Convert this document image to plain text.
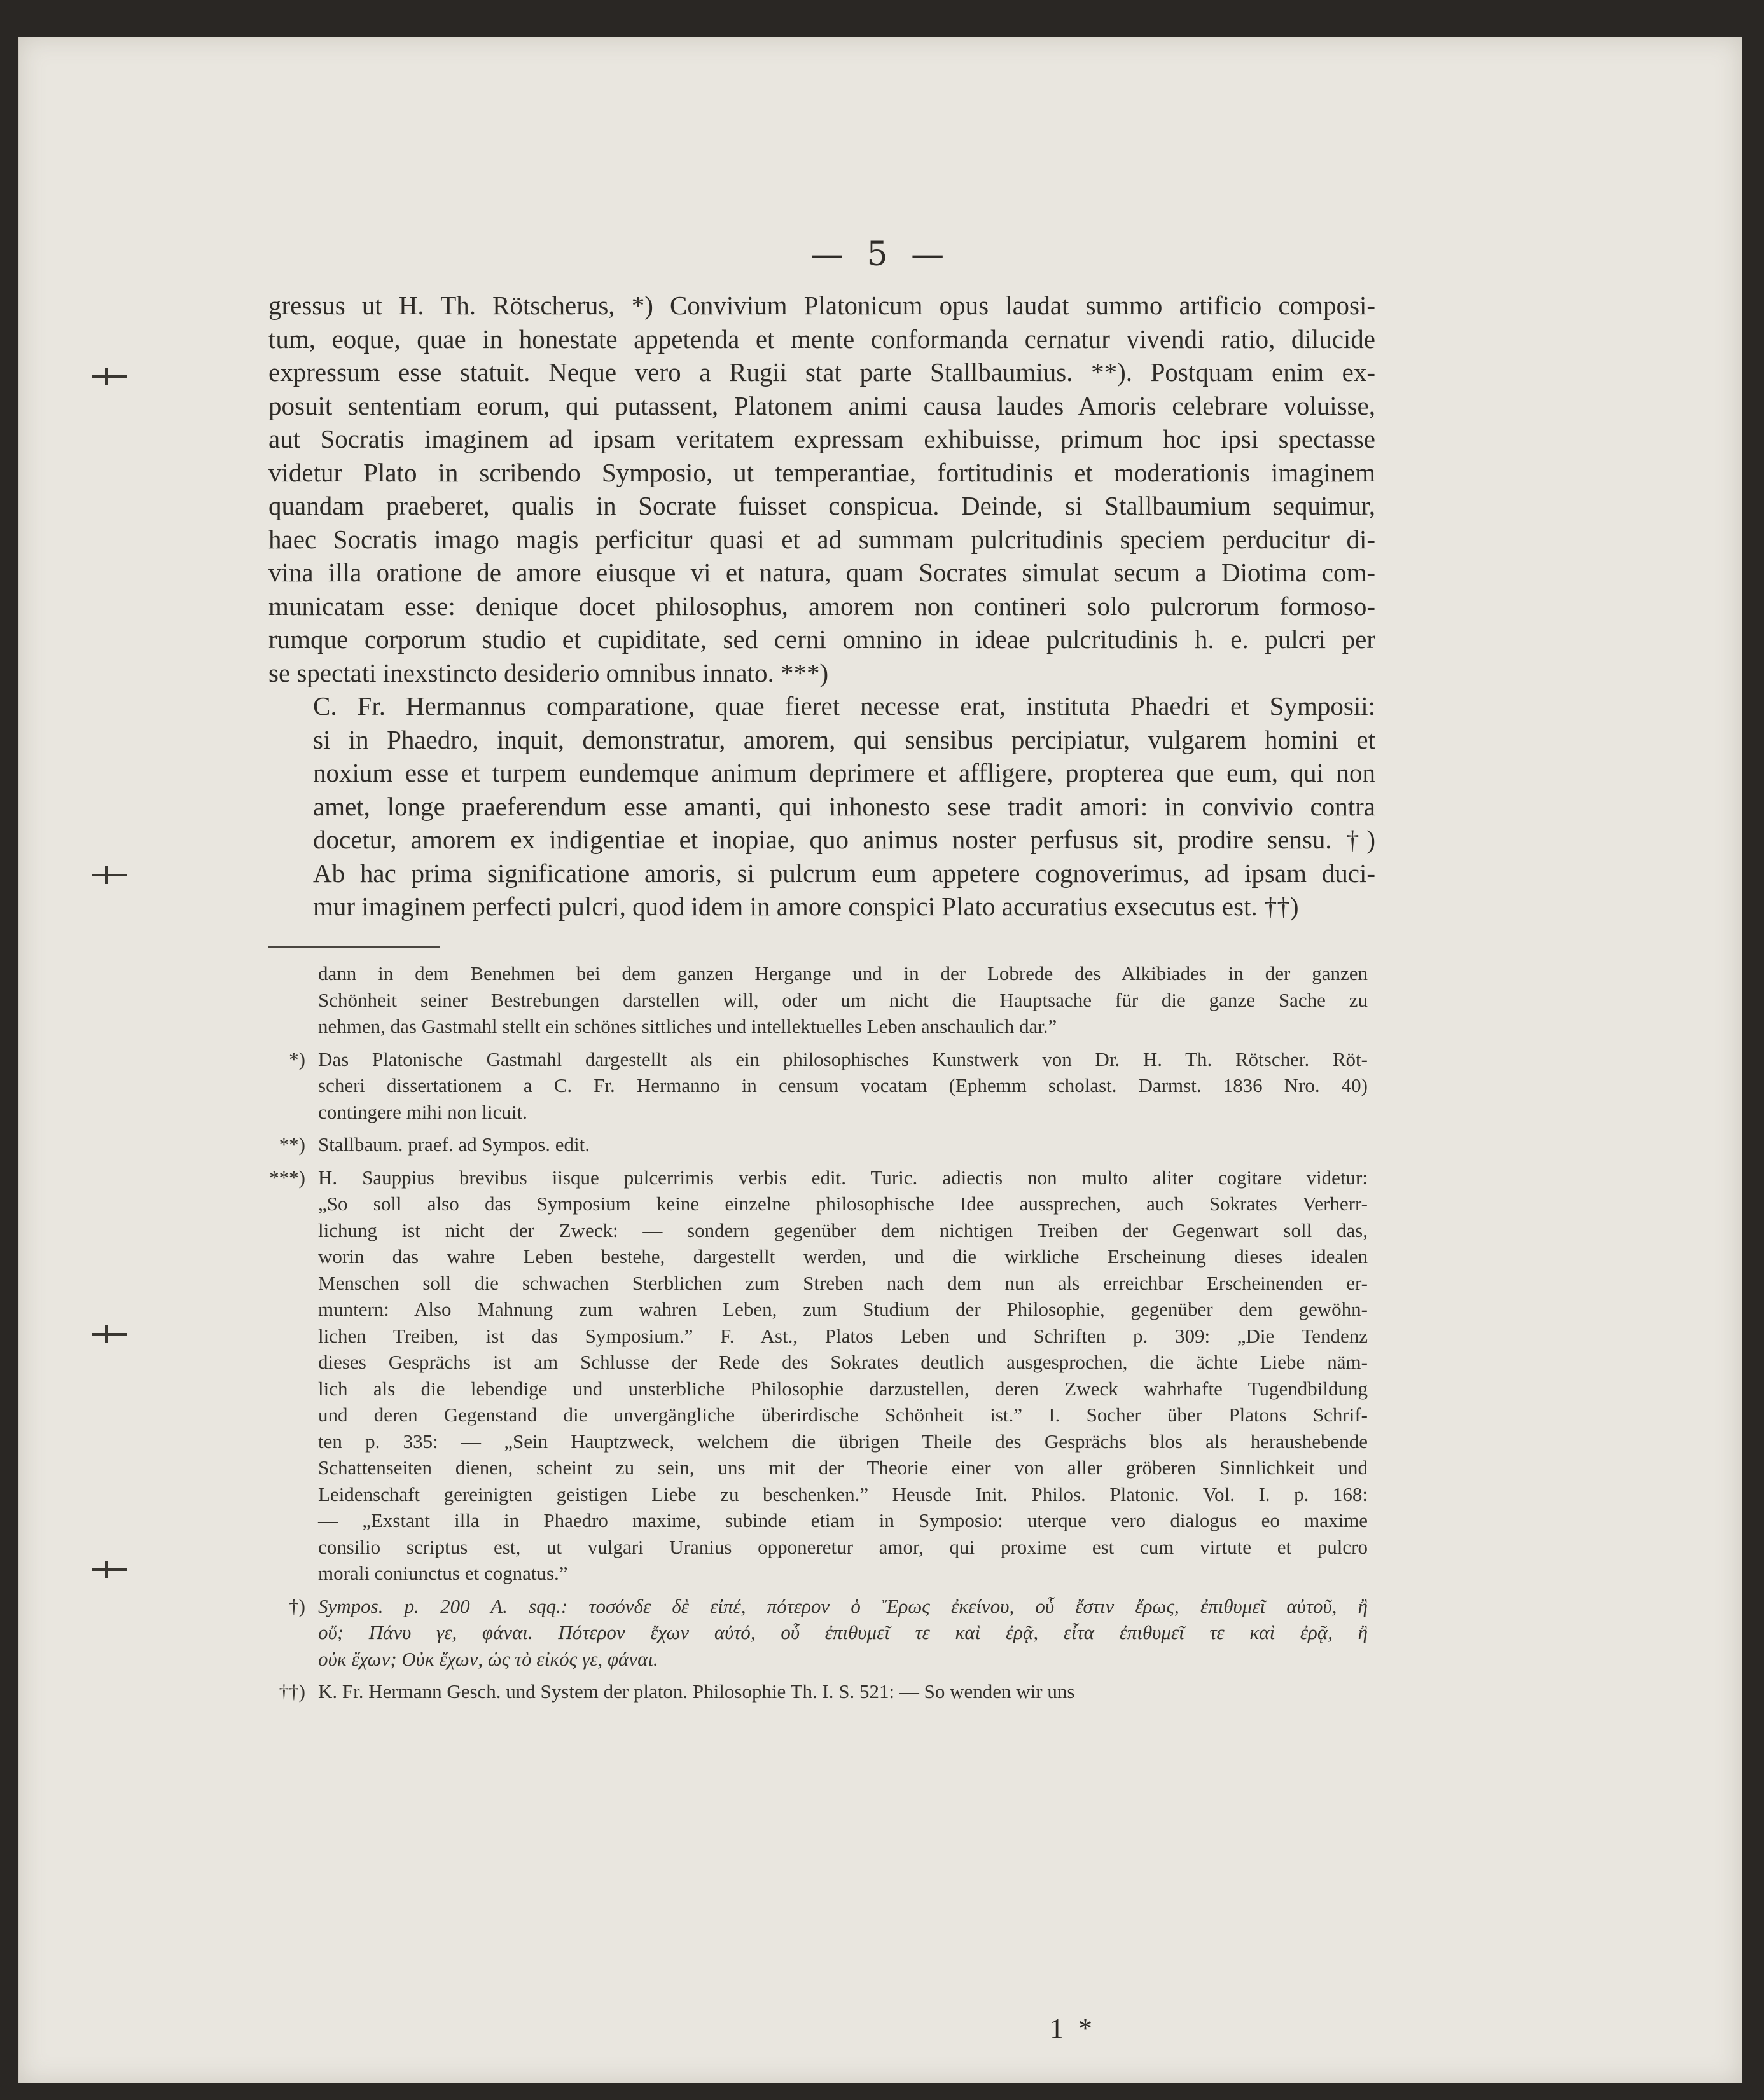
— 5 —

gressus ut H. Th. Rötscherus, *) Convivium Platonicum opus laudat summo artificio composi-
tum, eoque, quae in honestate appetenda et mente conformanda cernatur vivendi ratio, dilucide
expressum esse statuit. Neque vero a Rugii stat parte Stallbaumius. **). Postquam enim ex-
posuit sententiam eorum, qui putassent, Platonem animi causa laudes Amoris celebrare voluisse,
aut Socratis imaginem ad ipsam veritatem expressam exhibuisse, primum hoc ipsi spectasse
videtur Plato in scribendo Symposio, ut temperantiae, fortitudinis et moderationis imaginem
quandam praeberet, qualis in Socrate fuisset conspicua. Deinde, si Stallbaumium sequimur,
haec Socratis imago magis perficitur quasi et ad summam pulcritudinis speciem perducitur di-
vina illa oratione de amore eiusque vi et natura, quam Socrates simulat secum a Diotima com-
municatam esse: denique docet philosophus, amorem non contineri solo pulcrorum formoso-
rumque corporum studio et cupiditate, sed cerni omnino in ideae pulcritudinis h. e. pulcri per
se spectati inexstincto desiderio omnibus innato. ***)

C. Fr. Hermannus comparatione, quae fieret necesse erat, instituta Phaedri et Symposii:
si in Phaedro, inquit, demonstratur, amorem, qui sensibus percipiatur, vulgarem homini et
noxium esse et turpem eundemque animum deprimere et affligere, propterea que eum, qui non
amet, longe praeferendum esse amanti, qui inhonesto sese tradit amori: in convivio contra
docetur, amorem ex indigentiae et inopiae, quo animus noster perfusus sit, prodire sensu. †)
Ab hac prima significatione amoris, si pulcrum eum appetere cognoverimus, ad ipsam duci-
mur imaginem perfecti pulcri, quod idem in amore conspici Plato accuratius exsecutus est. ††)

dann in dem Benehmen bei dem ganzen Hergange und in der Lobrede des Alkibiades in der ganzen
Schönheit seiner Bestrebungen darstellen will, oder um nicht die Hauptsache für die ganze Sache zu
nehmen, das Gastmahl stellt ein schönes sittliches und intellektuelles Leben anschaulich dar.”
*) Das Platonische Gastmahl dargestellt als ein philosophisches Kunstwerk von Dr. H. Th. Rötscher. Röt-
scheri dissertationem a C. Fr. Hermanno in censum vocatam (Ephemm scholast. Darmst. 1836 Nro. 40)
contingere mihi non licuit.
**) Stallbaum. praef. ad Sympos. edit.
***) H. Sauppius brevibus iisque pulcerrimis verbis edit. Turic. adiectis non multo aliter cogitare videtur:
„So soll also das Symposium keine einzelne philosophische Idee aussprechen, auch Sokrates Verherr-
lichung ist nicht der Zweck: — sondern gegenüber dem nichtigen Treiben der Gegenwart soll das,
worin das wahre Leben bestehe, dargestellt werden, und die wirkliche Erscheinung dieses idealen
Menschen soll die schwachen Sterblichen zum Streben nach dem nun als erreichbar Erscheinenden er-
muntern: Also Mahnung zum wahren Leben, zum Studium der Philosophie, gegenüber dem gewöhn-
lichen Treiben, ist das Symposium.” F. Ast., Platos Leben und Schriften p. 309: „Die Tendenz
dieses Gesprächs ist am Schlusse der Rede des Sokrates deutlich ausgesprochen, die ächte Liebe näm-
lich als die lebendige und unsterbliche Philosophie darzustellen, deren Zweck wahrhafte Tugendbildung
und deren Gegenstand die unvergängliche überirdische Schönheit ist.” I. Socher über Platons Schrif-
ten p. 335: — „Sein Hauptzweck, welchem die übrigen Theile des Gesprächs blos als heraushebende
Schattenseiten dienen, scheint zu sein, uns mit der Theorie einer von aller gröberen Sinnlichkeit und
Leidenschaft gereinigten geistigen Liebe zu beschenken.” Heusde Init. Philos. Platonic. Vol. I. p. 168:
— „Exstant illa in Phaedro maxime, subinde etiam in Symposio: uterque vero dialogus eo maxime
consilio scriptus est, ut vulgari Uranius opponeretur amor, qui proxime est cum virtute et pulcro
morali coniunctus et cognatus.”
†) Sympos. p. 200 A. sqq.: τοσόνδε δὲ εἰπέ, πότερον ὁ Ἔρως ἐκείνου, οὗ ἔστιν ἔρως, ἐπιθυμεῖ αὐτοῦ, ἢ
οὔ; Πάνυ γε, φάναι. Πότερον ἔχων αὐτό, οὗ ἐπιθυμεῖ τε καὶ ἐρᾷ, εἶτα ἐπιθυμεῖ τε καὶ ἐρᾷ, ἢ
οὐκ ἔχων; Οὐκ ἔχων, ὡς τὸ εἰκός γε, φάναι.
††) K. Fr. Hermann Gesch. und System der platon. Philosophie Th. I. S. 521: — So wenden wir uns
1 *
